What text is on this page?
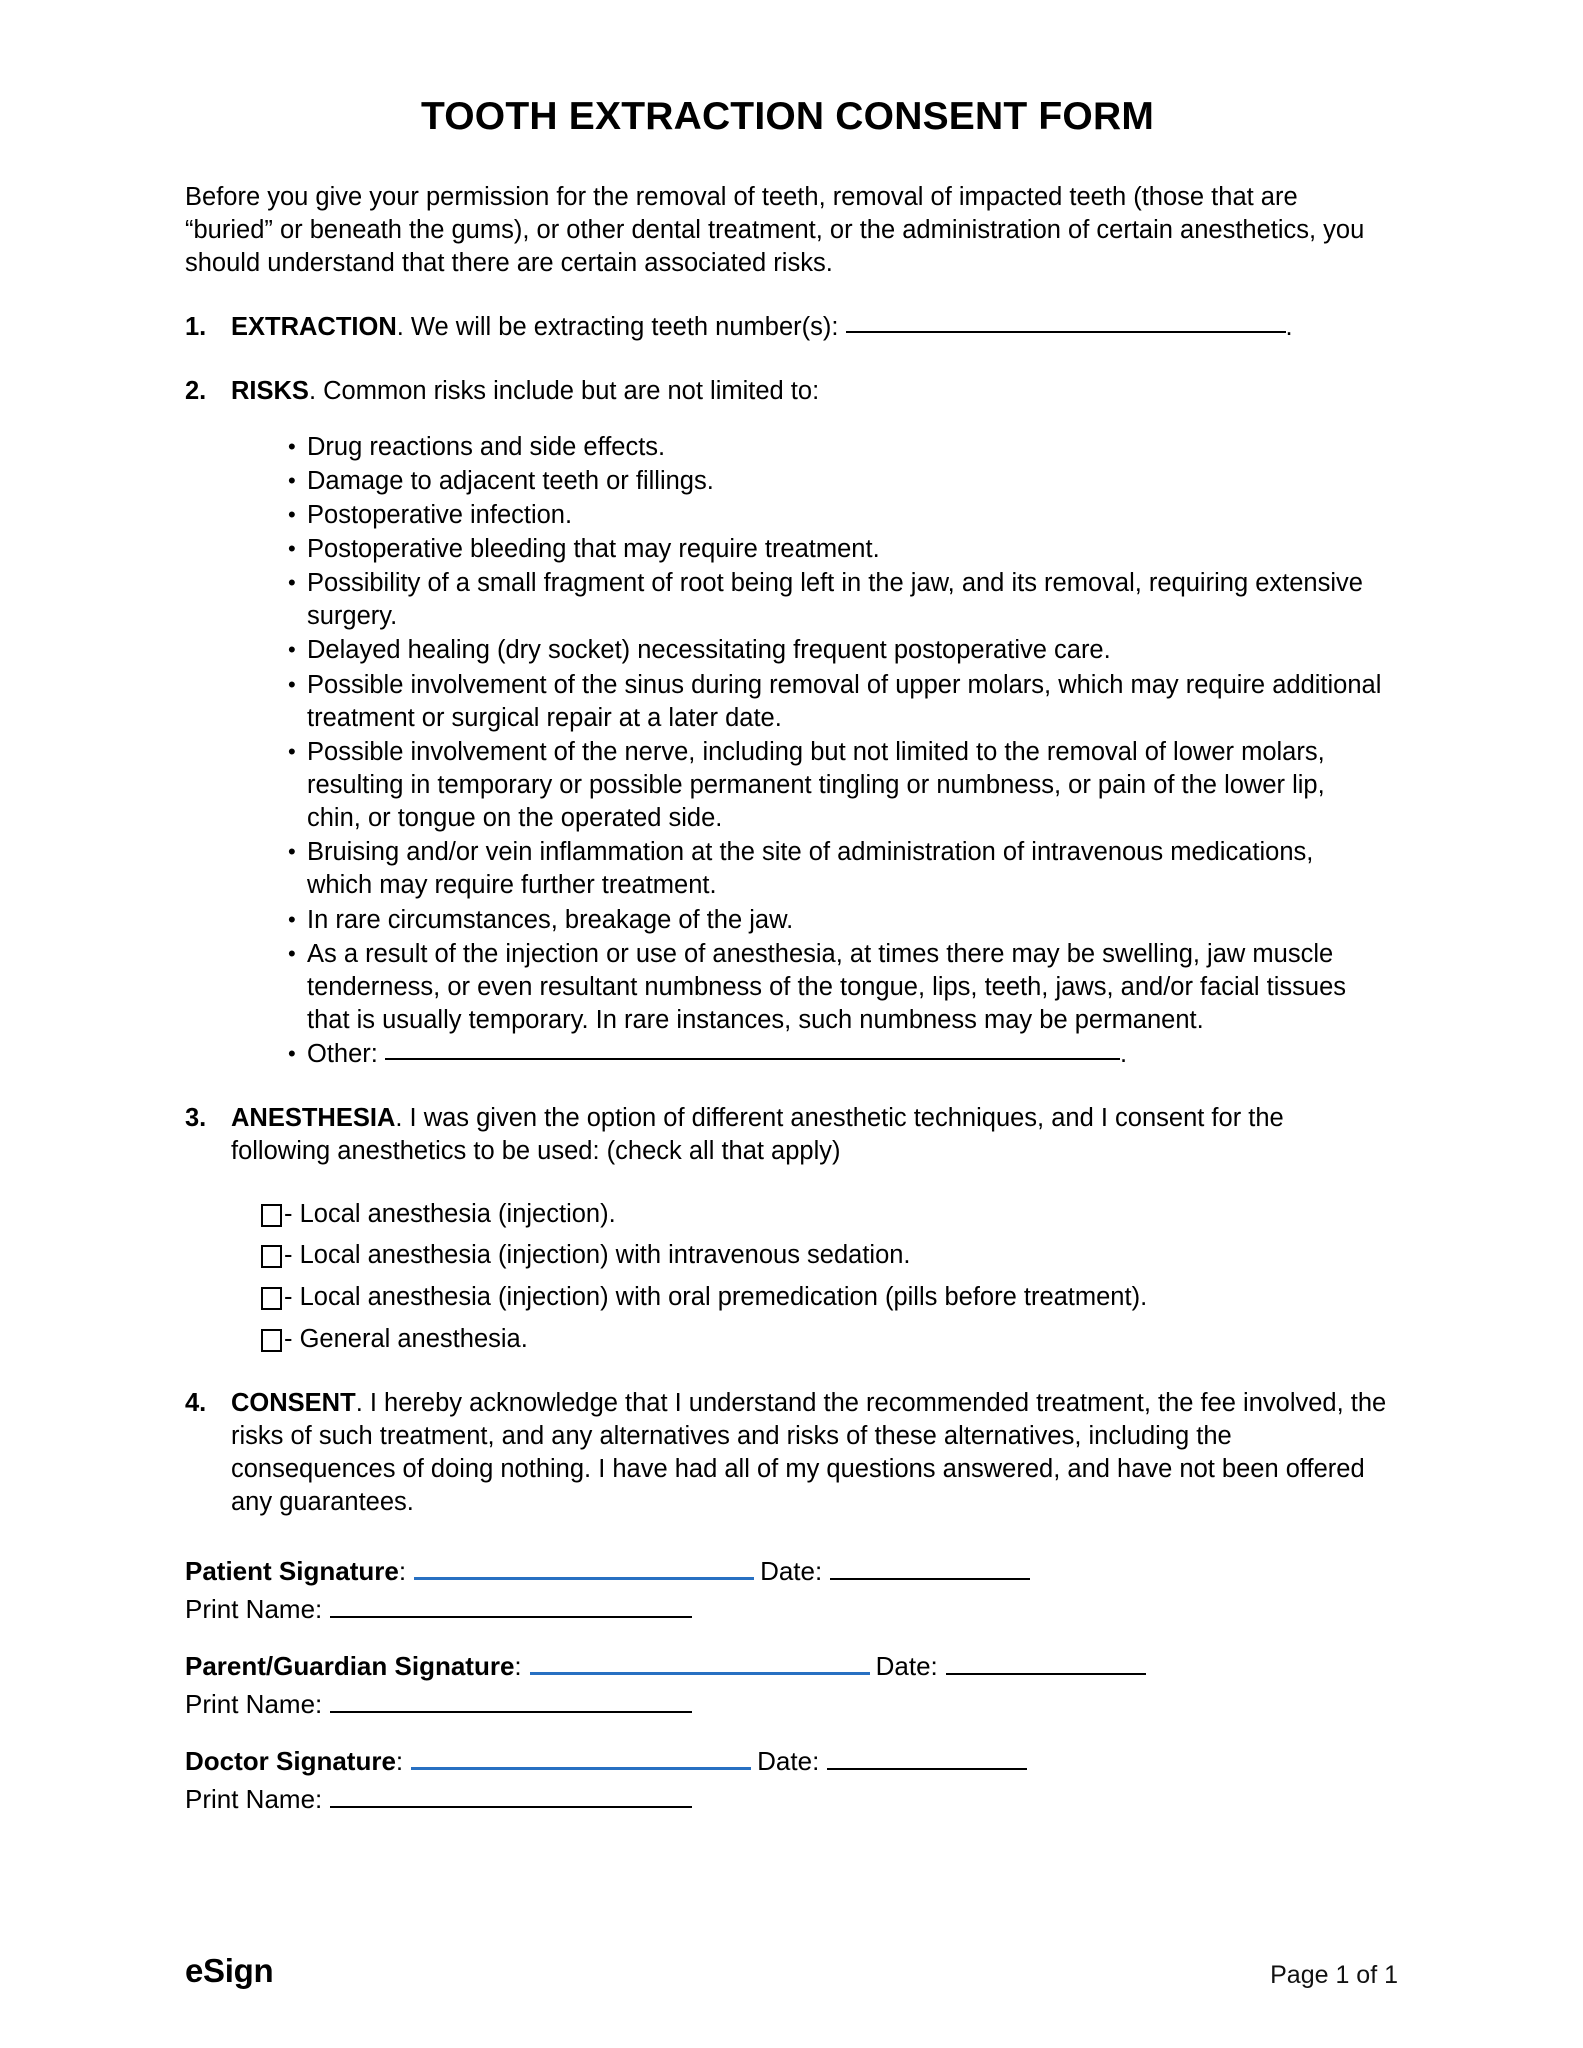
TOOTH EXTRACTION CONSENT FORM

Before you give your permission for the removal of teeth, removal of impacted teeth (those that are “buried” or beneath the gums), or other dental treatment, or the administration of certain anesthetics, you should understand that there are certain associated risks.

1. EXTRACTION. We will be extracting teeth number(s):	.
2. RISKS. Common risks include but are not limited to:
• Drug reactions and side effects.
• Damage to adjacent teeth or fillings.
• Postoperative infection.
• Postoperative bleeding that may require treatment.
• Possibility of a small fragment of root being left in the jaw, and its removal, requiring extensive surgery.
• Delayed healing (dry socket) necessitating frequent postoperative care.
• Possible involvement of the sinus during removal of upper molars, which may require additional treatment or surgical repair at a later date.
• Possible involvement of the nerve, including but not limited to the removal of lower molars, resulting in temporary or possible permanent tingling or numbness, or pain of the lower lip, chin, or tongue on the operated side.
• Bruising and/or vein inflammation at the site of administration of intravenous medications, which may require further treatment.
• In rare circumstances, breakage of the jaw.
• As a result of the injection or use of anesthesia, at times there may be swelling, jaw muscle tenderness, or even resultant numbness of the tongue, lips, teeth, jaws, and/or facial tissues that is usually temporary. In rare instances, such numbness may be permanent.
• Other:	.
3. ANESTHESIA. I was given the option of different anesthetic techniques, and I consent for the following anesthetics to be used: (check all that apply)
- Local anesthesia (injection).
- Local anesthesia (injection) with intravenous sedation.
- Local anesthesia (injection) with oral premedication (pills before treatment).
- General anesthesia.
4. CONSENT. I hereby acknowledge that I understand the recommended treatment, the fee involved, the risks of such treatment, and any alternatives and risks of these alternatives, including the consequences of doing nothing. I have had all of my questions answered, and have not been offered any guarantees.
Patient Signature :	Date:
Print Name:
Parent/Guardian Signature :	Date:
Print Name:
Doctor Signature :	Date:
Print Name:
eSign	Page 1 of 1
